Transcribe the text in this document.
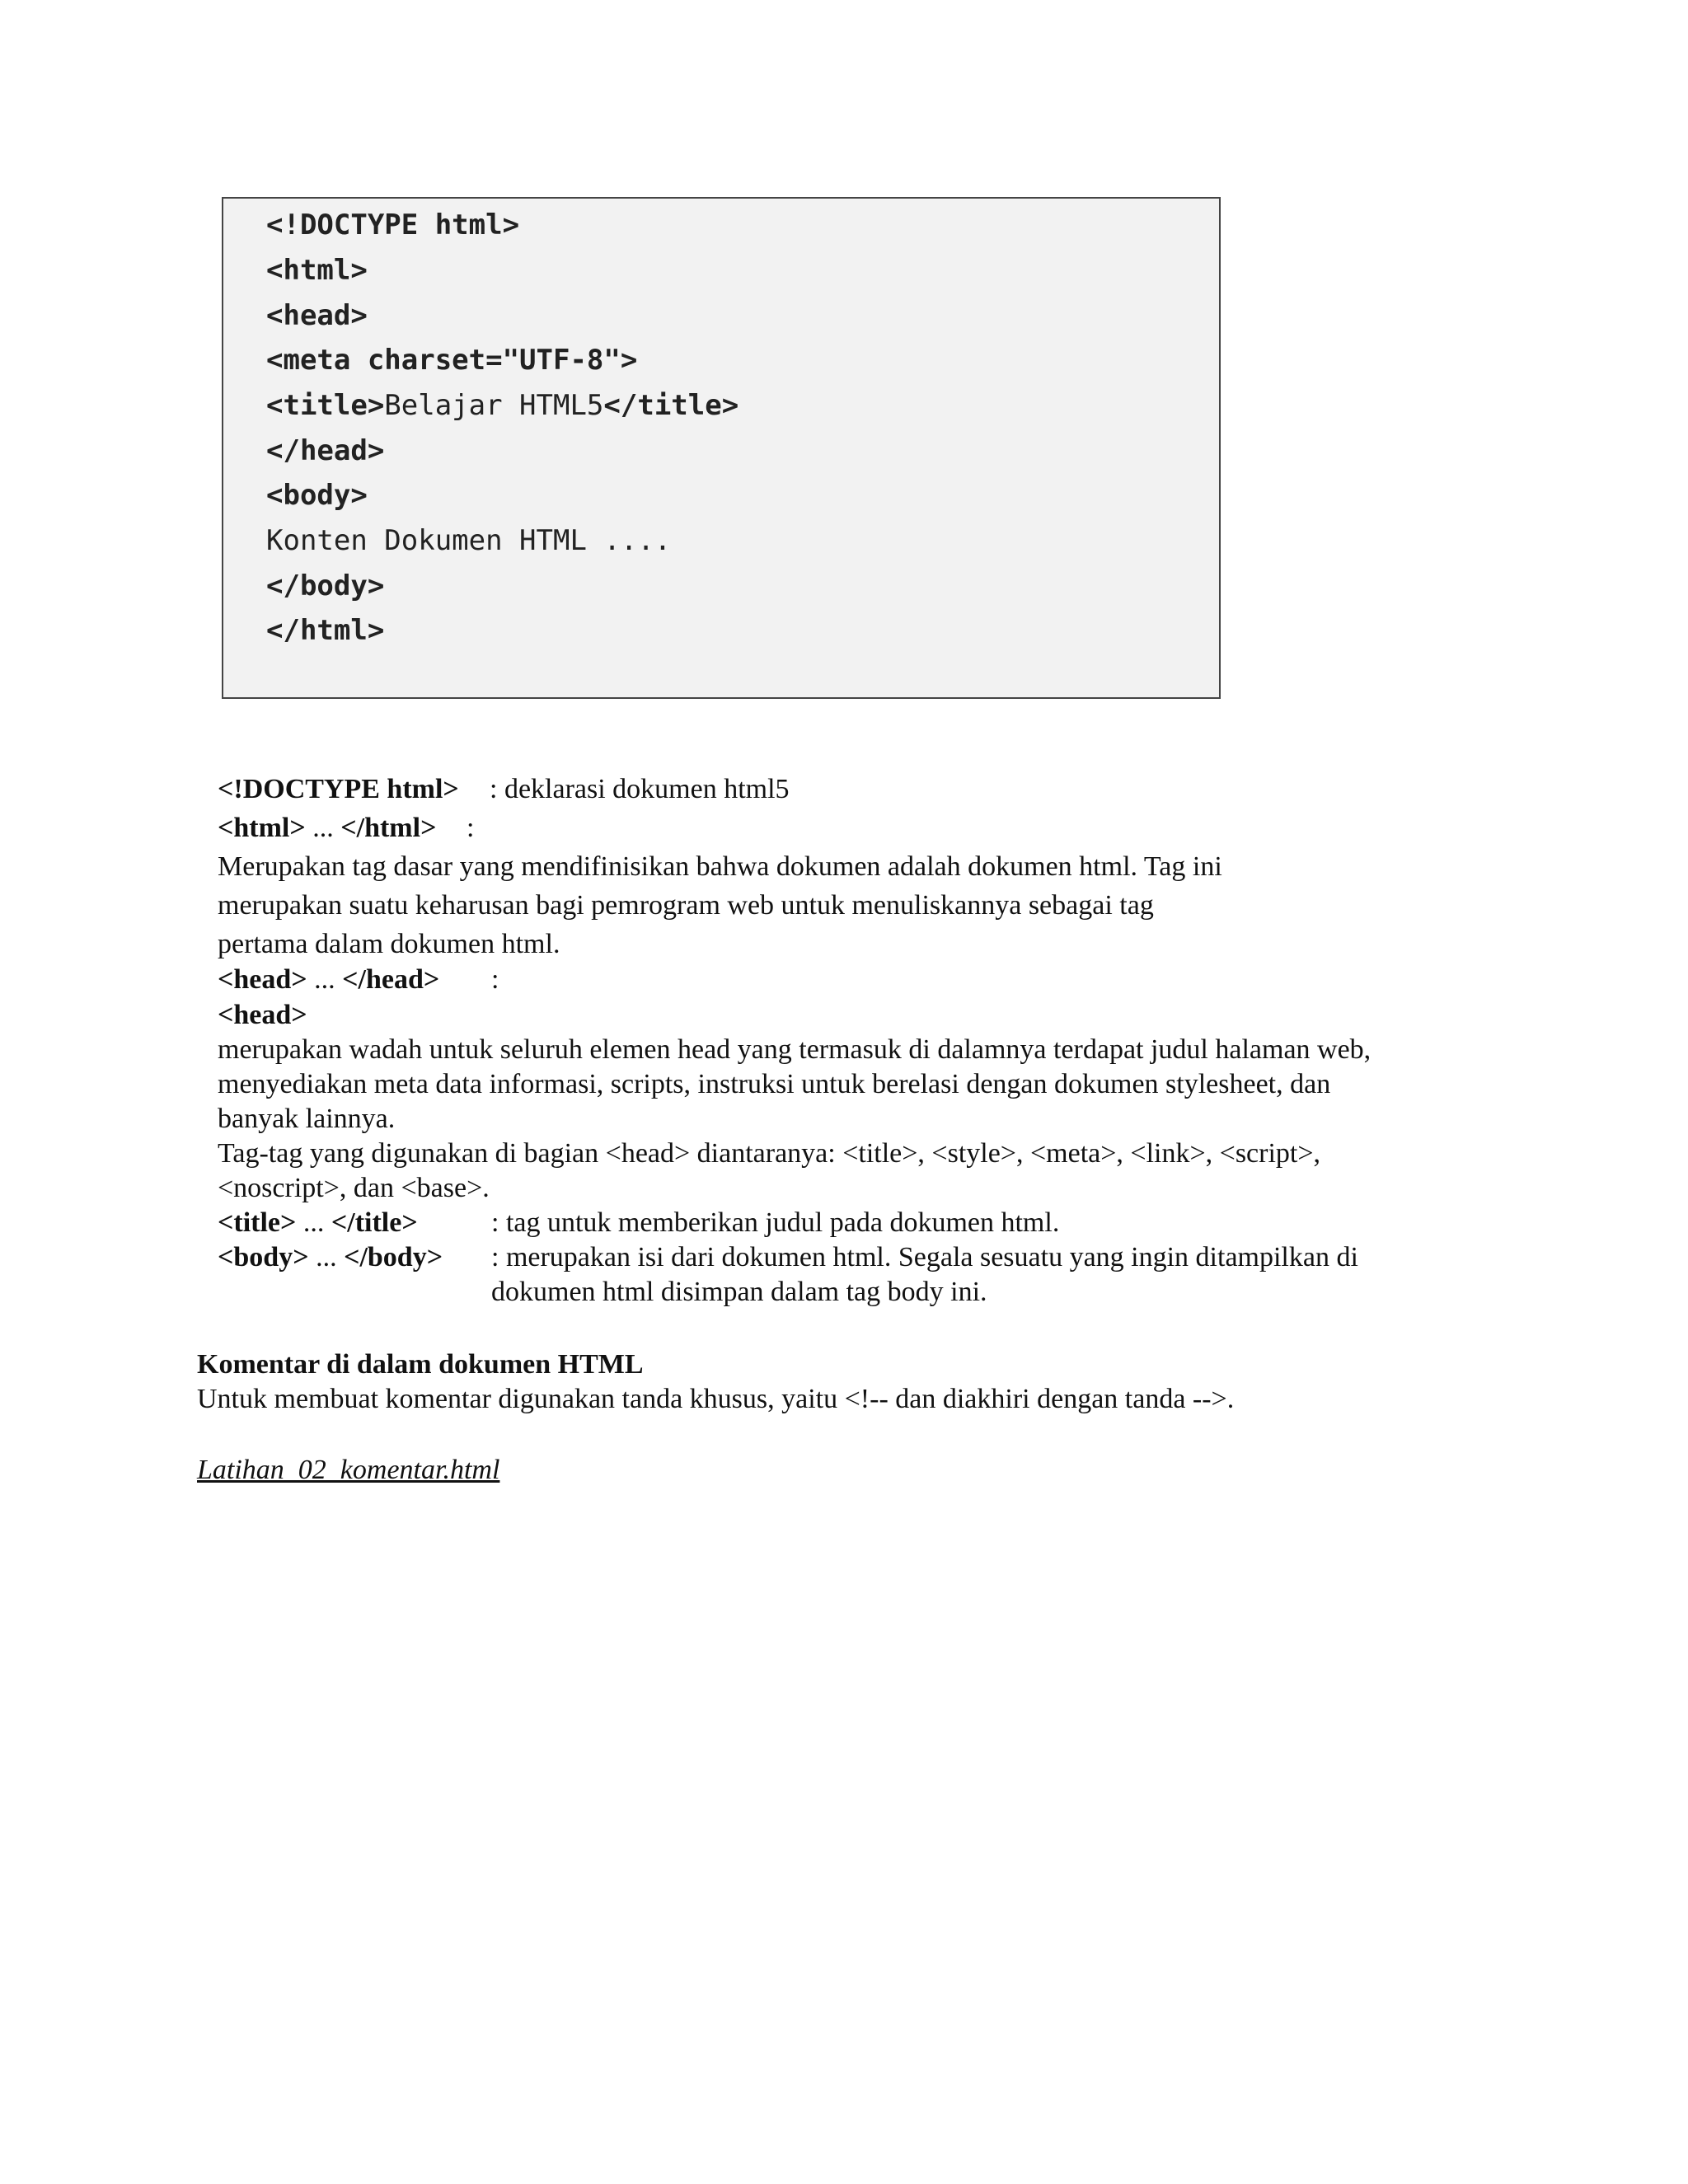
<!DOCTYPE html>
<html>
<head>
<meta charset="UTF-8">
<title>Belajar HTML5</title>
</head>
<body>
Konten Dokumen HTML ....
</body>
</html>
<!DOCTYPE html> : deklarasi dokumen html5
<html> ... </html> :
Merupakan tag dasar yang mendifinisikan bahwa dokumen adalah dokumen html. Tag ini
merupakan suatu keharusan bagi pemrogram web untuk menuliskannya sebagai tag
pertama dalam dokumen html.
<head> ... </head> :
<head>
merupakan wadah untuk seluruh elemen head yang termasuk di dalamnya terdapat judul halaman web,
menyediakan meta data informasi, scripts, instruksi untuk berelasi dengan dokumen stylesheet, dan
banyak lainnya.
Tag-tag yang digunakan di bagian <head> diantaranya: <title>, <style>, <meta>, <link>, <script>,
<noscript>, dan <base>.
<title> ... </title>	: tag untuk memberikan judul pada dokumen html.
<body> ... </body> : merupakan isi dari dokumen html. Segala sesuatu yang ingin ditampilkan di
dokumen html disimpan dalam tag body ini.
Komentar di dalam dokumen HTML
Untuk membuat komentar digunakan tanda khusus, yaitu <!-- dan diakhiri dengan tanda -->.
Latihan_02_komentar.html
